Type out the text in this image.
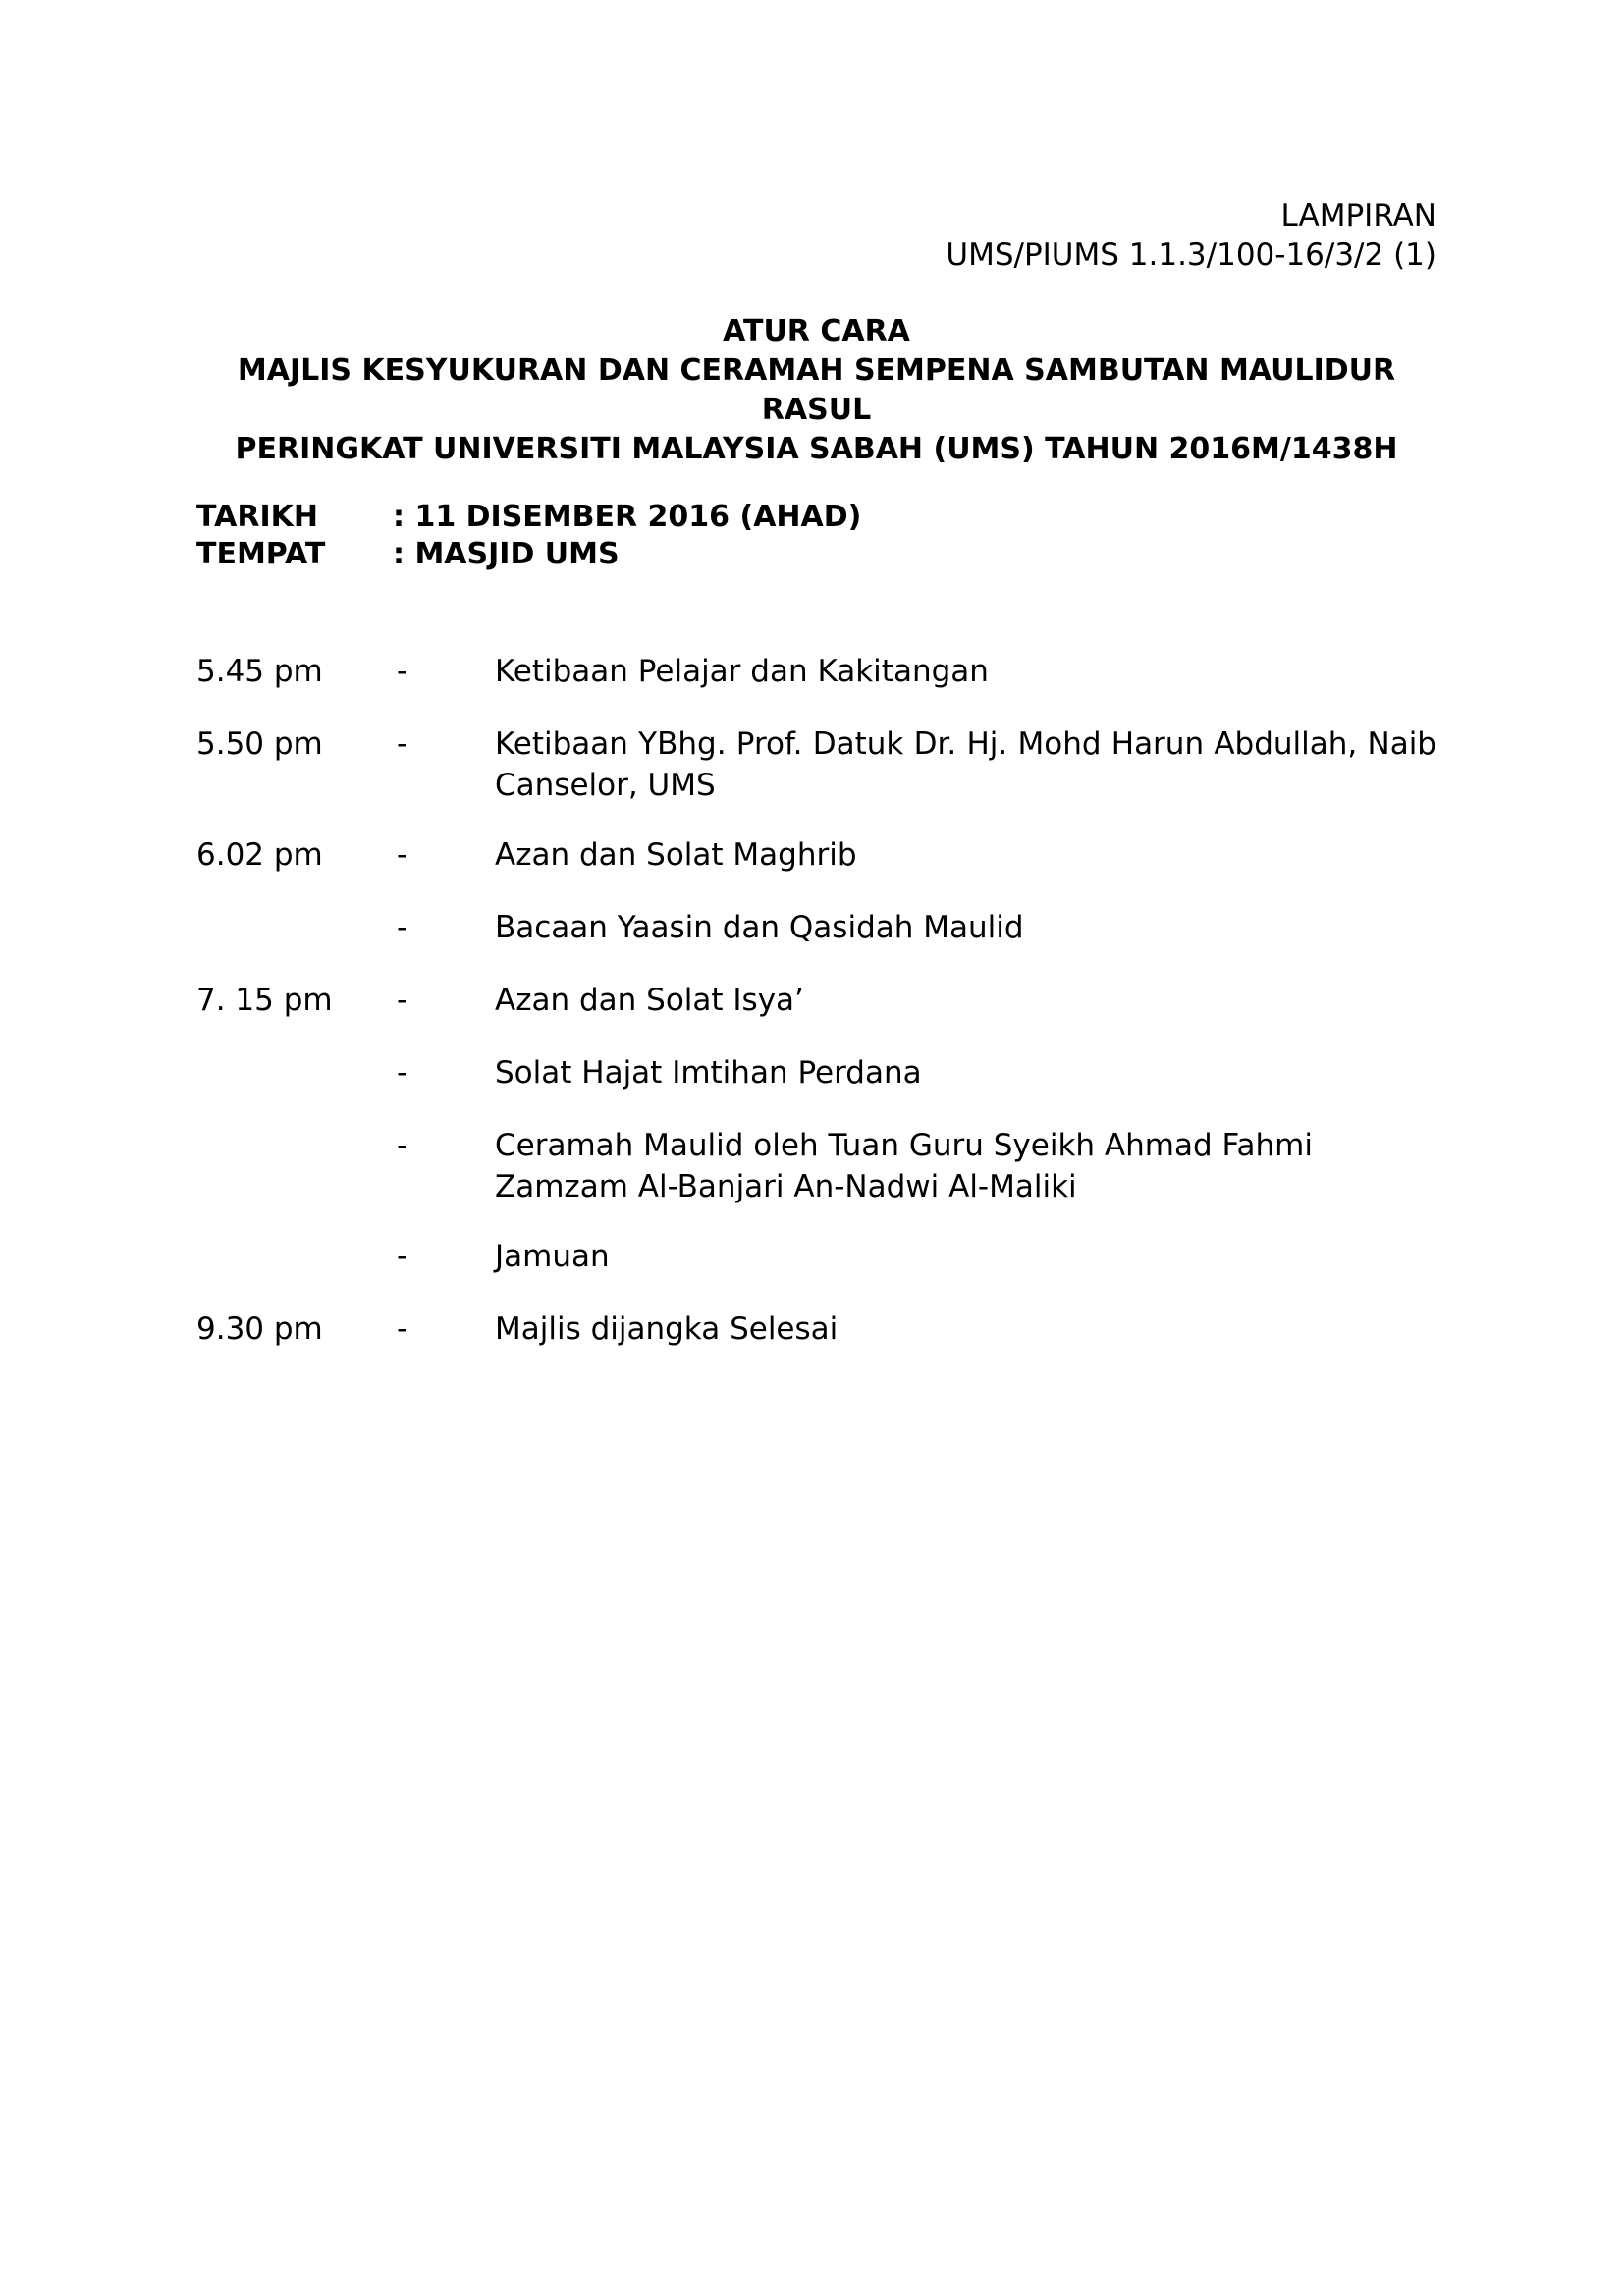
LAMPIRAN
UMS/PIUMS 1.1.3/100-16/3/2 (1)
ATUR CARA
MAJLIS KESYUKURAN DAN CERAMAH SEMPENA SAMBUTAN MAULIDUR RASUL
PERINGKAT UNIVERSITI MALAYSIA SABAH (UMS) TAHUN 2016M/1438H
TARIKH	: 11 DISEMBER 2016 (AHAD)
TEMPAT	: MASJID UMS
5.45 pm	-	Ketibaan Pelajar dan Kakitangan
5.50 pm	-	Ketibaan YBhg. Prof. Datuk Dr. Hj. Mohd Harun Abdullah, Naib Canselor, UMS
6.02 pm	-	Azan dan Solat Maghrib
-	Bacaan Yaasin dan Qasidah Maulid
7. 15 pm	-	Azan dan Solat Isya’
-	Solat Hajat Imtihan Perdana
-	Ceramah Maulid oleh Tuan Guru Syeikh Ahmad Fahmi Zamzam Al-Banjari An-Nadwi Al-Maliki
-	Jamuan
9.30 pm	-	Majlis dijangka Selesai
